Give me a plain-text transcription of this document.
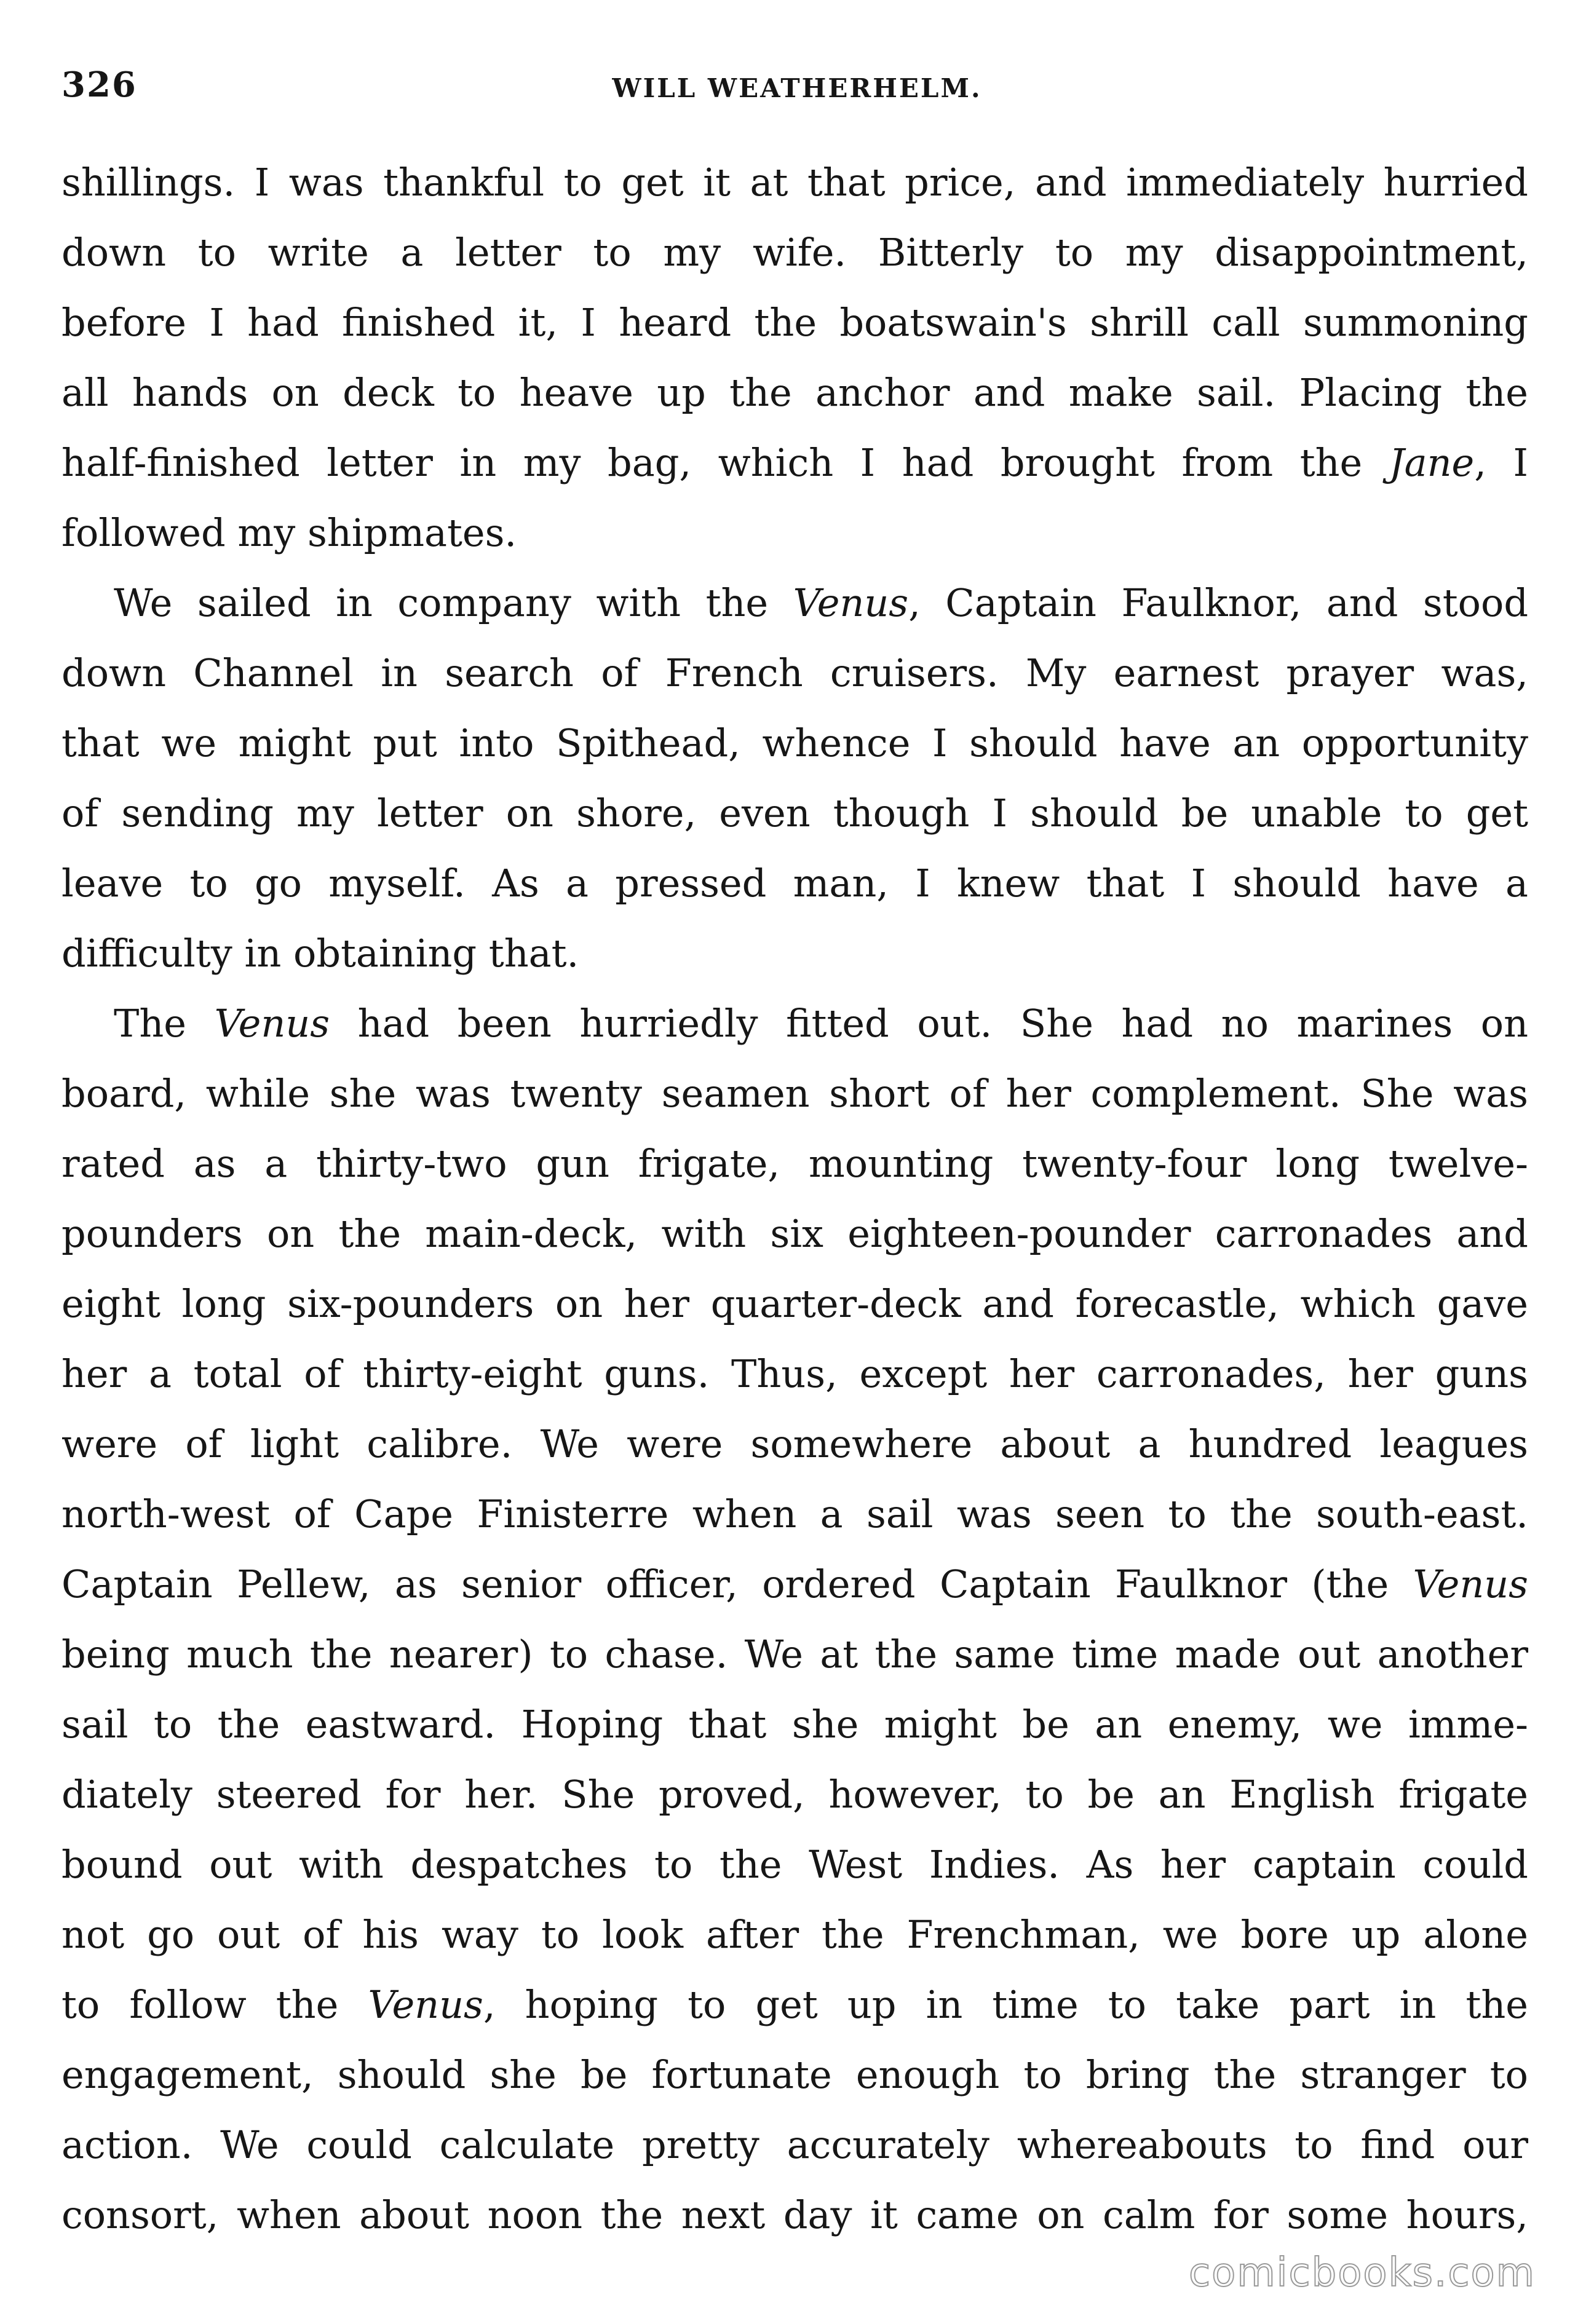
326	WILL WEATHERHELM.
shillings. I was thankful to get it at that price, and immediately hurried
down to write a letter to my wife. Bitterly to my disappointment,
before I had finished it, I heard the boatswain's shrill call summoning
all hands on deck to heave up the anchor and make sail. Placing the
half-finished letter in my bag, which I had brought from the Jane, I
followed my shipmates.
We sailed in company with the Venus, Captain Faulknor, and stood
down Channel in search of French cruisers. My earnest prayer was,
that we might put into Spithead, whence I should have an opportunity
of sending my letter on shore, even though I should be unable to get
leave to go myself. As a pressed man, I knew that I should have a
difficulty in obtaining that.
The Venus had been hurriedly fitted out. She had no marines on
board, while she was twenty seamen short of her complement. She was
rated as a thirty-two gun frigate, mounting twenty-four long twelve-
pounders on the main-deck, with six eighteen-pounder carronades and
eight long six-pounders on her quarter-deck and forecastle, which gave
her a total of thirty-eight guns. Thus, except her carronades, her guns
were of light calibre. We were somewhere about a hundred leagues
north-west of Cape Finisterre when a sail was seen to the south-east.
Captain Pellew, as senior officer, ordered Captain Faulknor (the Venus
being much the nearer) to chase. We at the same time made out another
sail to the eastward. Hoping that she might be an enemy, we imme-
diately steered for her. She proved, however, to be an English frigate
bound out with despatches to the West Indies. As her captain could
not go out of his way to look after the Frenchman, we bore up alone
to follow the Venus, hoping to get up in time to take part in the
engagement, should she be fortunate enough to bring the stranger to
action. We could calculate pretty accurately whereabouts to find our
consort, when about noon the next day it came on calm for some hours,
comicbooks.com
